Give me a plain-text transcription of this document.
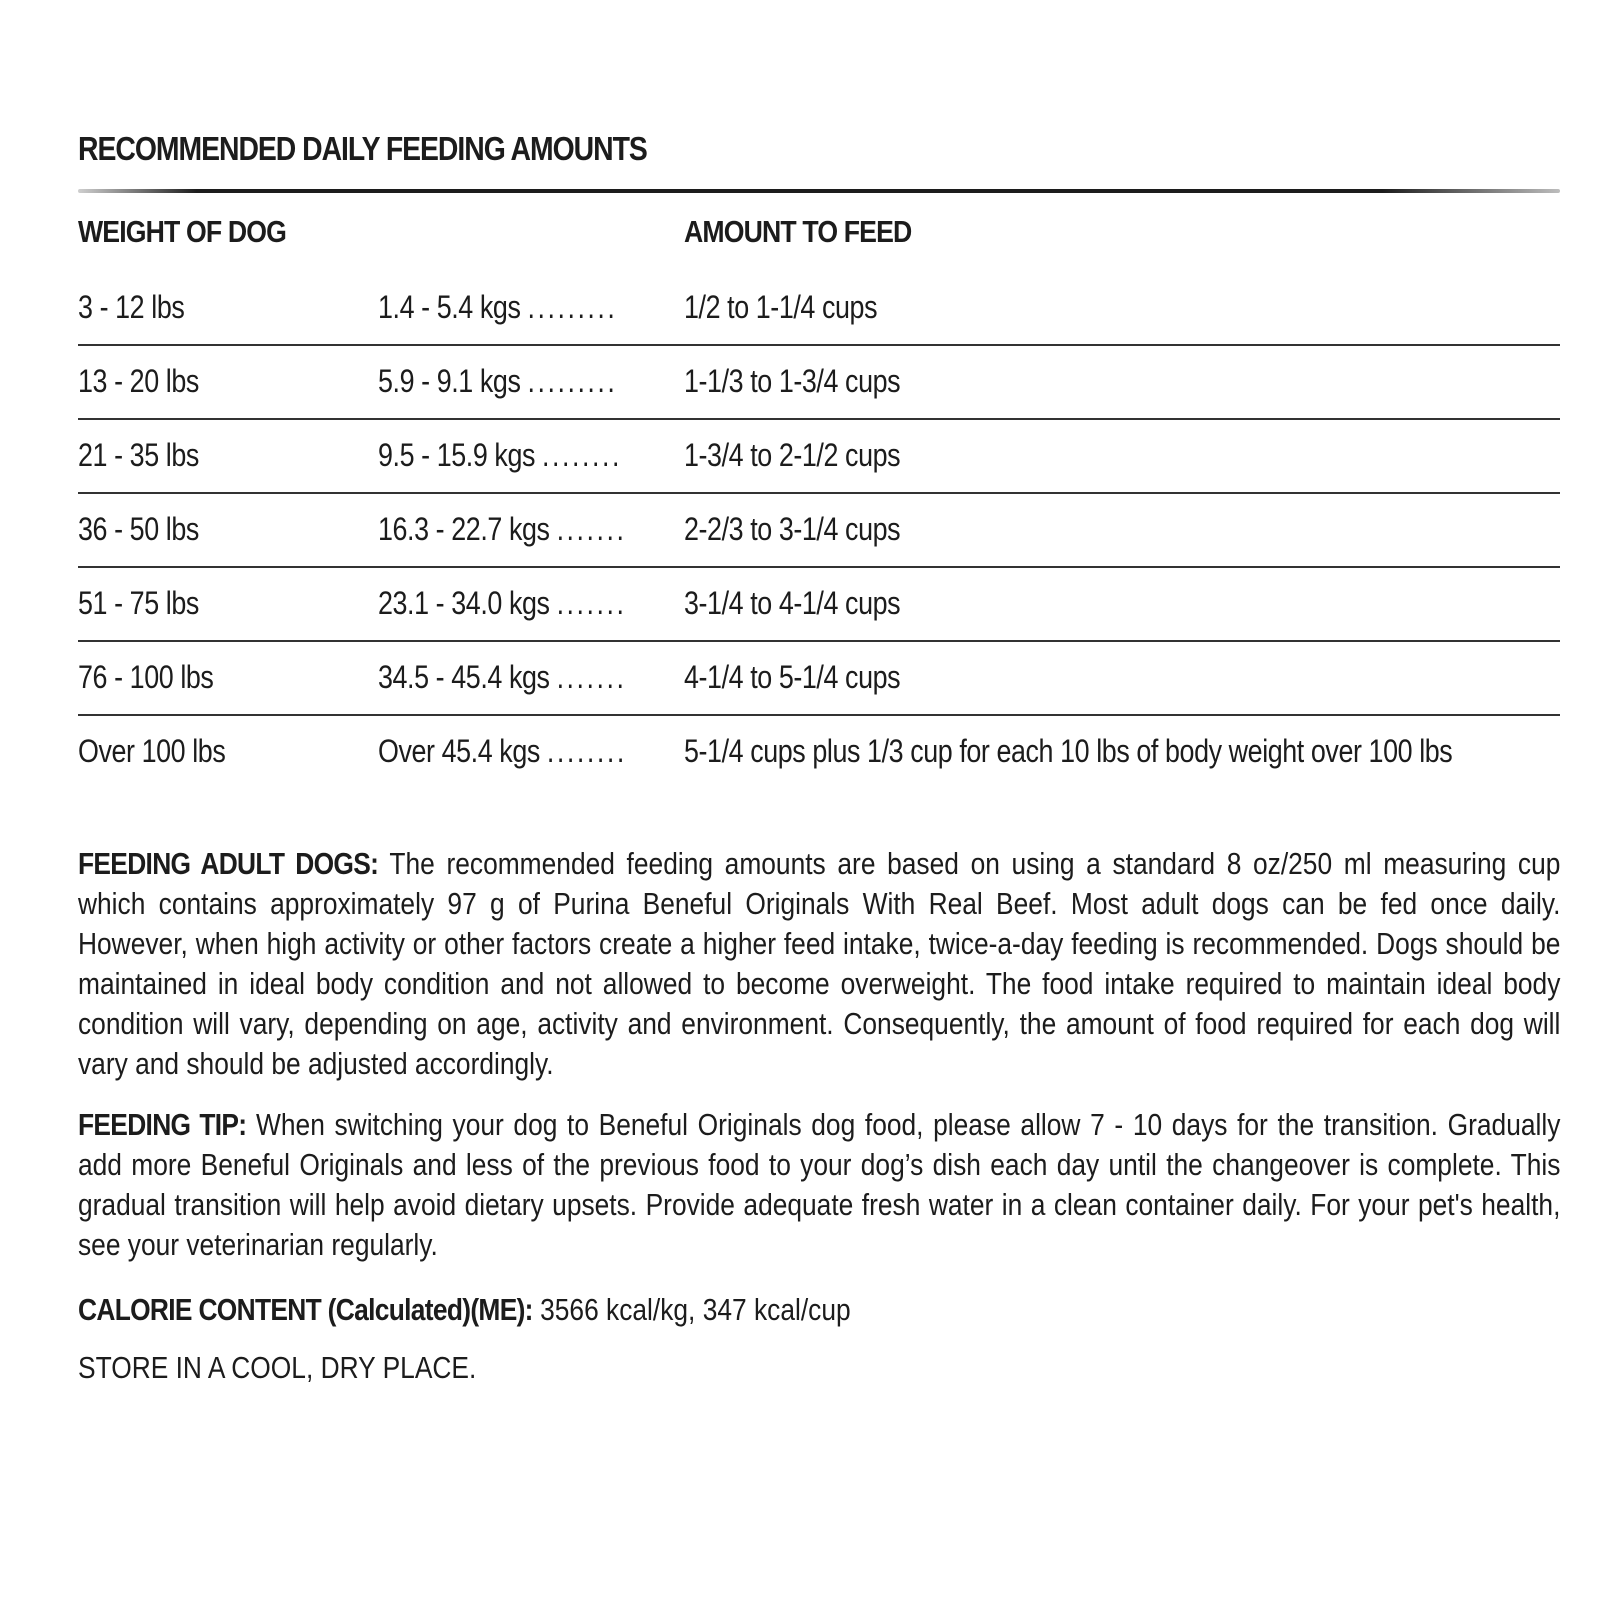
RECOMMENDED DAILY FEEDING AMOUNTS
WEIGHT OF DOG	AMOUNT TO FEED
3 - 12 lbs	1.4 - 5.4 kgs ......... 1/2 to 1-1/4 cups
13 - 20 lbs	5.9 - 9.1 kgs ......... 1-1/3 to 1-3/4 cups
21 - 35 lbs	9.5 - 15.9 kgs ........ 1-3/4 to 2-1/2 cups
36 - 50 lbs	16.3 - 22.7 kgs ....... 2-2/3 to 3-1/4 cups
51 - 75 lbs	23.1 - 34.0 kgs ....... 3-1/4 to 4-1/4 cups
76 - 100 lbs	34.5 - 45.4 kgs ....... 4-1/4 to 5-1/4 cups
Over 100 lbs	Over 45.4 kgs ........ 5-1/4 cups plus 1/3 cup for each 10 lbs of body weight over 100 lbs

FEEDING ADULT DOGS: The recommended feeding amounts are based on using a standard 8 oz/250 ml measuring cup which contains approximately 97 g of Purina Beneful Originals With Real Beef. Most adult dogs can be fed once daily. However, when high activity or other factors create a higher feed intake, twice-a-day feeding is recommended. Dogs should be maintained in ideal body condition and not allowed to become overweight. The food intake required to maintain ideal body condition will vary, depending on age, activity and environment. Consequently, the amount of food required for each dog will vary and should be adjusted accordingly.

FEEDING TIP: When switching your dog to Beneful Originals dog food, please allow 7 - 10 days for the transition. Gradually add more Beneful Originals and less of the previous food to your dog’s dish each day until the changeover is complete. This gradual transition will help avoid dietary upsets. Provide adequate fresh water in a clean container daily. For your pet's health, see your veterinarian regularly.

CALORIE CONTENT (Calculated)(ME): 3566 kcal/kg, 347 kcal/cup

STORE IN A COOL, DRY PLACE.
